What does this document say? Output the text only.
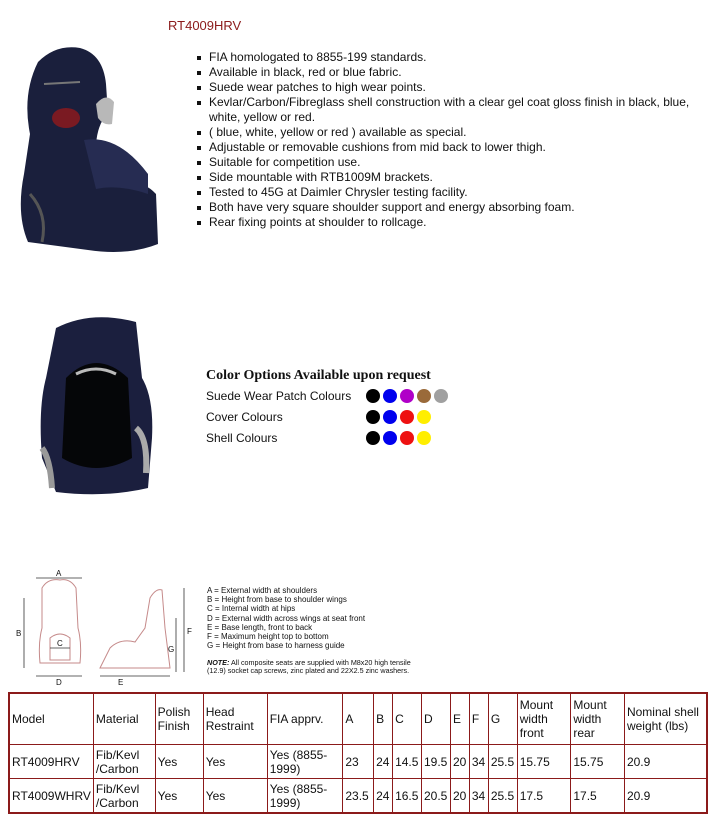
RT4009HRV
FIA homologated to 8855-199 standards.
Available in black, red or blue fabric.
Suede wear patches to high wear points.
Kevlar/Carbon/Fibreglass shell construction with a clear gel coat gloss finish in black, blue, white, yellow or red.
( blue, white, yellow or red ) available as special.
Adjustable or removable cushions from mid back to lower thigh.
Suitable for competition use.
Side mountable with RTB1009M brackets.
Tested to 45G at Daimler Chrysler testing facility.
Both have very square shoulder support and energy absorbing foam.
Rear fixing points at shoulder to rollcage.
Color Options Available upon request
Suede Wear Patch Colours
Cover Colours
Shell Colours
A
B
C
D	E
F
G
A = External width at shoulders
B = Height from base to shoulder wings
C = Internal width at hips
D = External width across wings at seat front
E = Base length, front to back
F = Maximum height top to bottom
G = Height from base to harness guide
NOTE: All composite seats are supplied with M8x20 high tensile (12.9) socket cap screws, zinc plated and 22X2.5 zinc washers.
Model	Material	Polish Finish	Head Restraint	FIA apprv.	A	B	C	D	E	F	G	Mount width front	Mount width rear	Nominal shell weight (lbs)
RT4009HRV	Fib/Kevl /Carbon	Yes	Yes	Yes (8855-1999)	23	24	14.5	19.5	20	34	25.5	15.75	15.75	20.9
RT4009WHRV	Fib/Kevl /Carbon	Yes	Yes	Yes (8855-1999)	23.5	24	16.5	20.5	20	34	25.5	17.5	17.5	20.9
